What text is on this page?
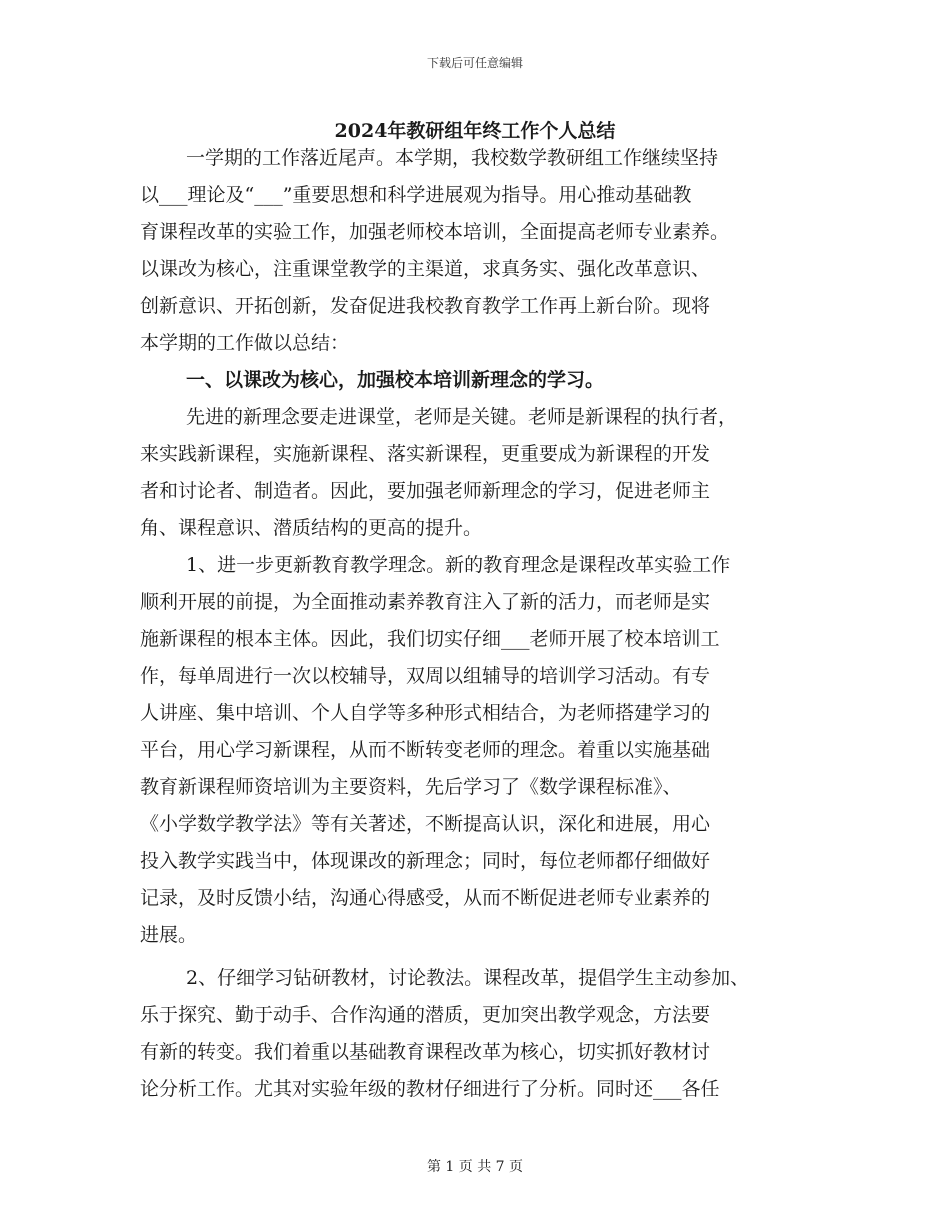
下载后可任意编辑
2024年教研组年终工作个人总结
一学期的工作落近尾声。本学期，我校数学教研组工作继续坚持
以___理论及“___”重要思想和科学进展观为指导。用心推动基础教
育课程改革的实验工作，加强老师校本培训，全面提高老师专业素养。
以课改为核心，注重课堂教学的主渠道，求真务实、强化改革意识、
创新意识、开拓创新，发奋促进我校教育教学工作再上新台阶。现将
本学期的工作做以总结：
一、以课改为核心，加强校本培训新理念的学习。
先进的新理念要走进课堂，老师是关键。老师是新课程的执行者，
来实践新课程，实施新课程、落实新课程，更重要成为新课程的开发
者和讨论者、制造者。因此，要加强老师新理念的学习，促进老师主
角、课程意识、潜质结构的更高的提升。
1、进一步更新教育教学理念。新的教育理念是课程改革实验工作
顺利开展的前提，为全面推动素养教育注入了新的活力，而老师是实
施新课程的根本主体。因此，我们切实仔细___老师开展了校本培训工
作，每单周进行一次以校辅导，双周以组辅导的培训学习活动。有专
人讲座、集中培训、个人自学等多种形式相结合，为老师搭建学习的
平台，用心学习新课程，从而不断转变老师的理念。着重以实施基础
教育新课程师资培训为主要资料，先后学习了《数学课程标准》、
《小学数学教学法》等有关著述，不断提高认识，深化和进展，用心
投入教学实践当中，体现课改的新理念；同时，每位老师都仔细做好
记录，及时反馈小结，沟通心得感受，从而不断促进老师专业素养的
进展。
2、仔细学习钻研教材，讨论教法。课程改革，提倡学生主动参加、
乐于探究、勤于动手、合作沟通的潜质，更加突出教学观念，方法要
有新的转变。我们着重以基础教育课程改革为核心，切实抓好教材讨
论分析工作。尤其对实验年级的教材仔细进行了分析。同时还___各任
第 1 页 共 7 页
